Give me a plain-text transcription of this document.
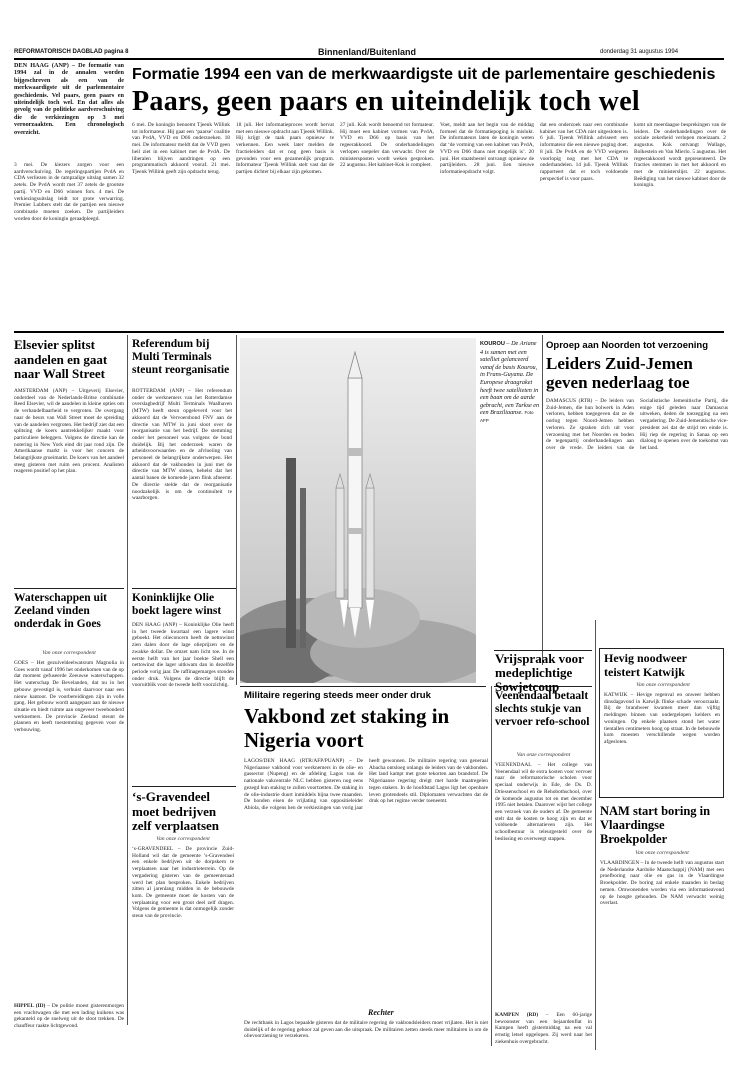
REFORMATORISCH DAGBLAD pagina 8	Binnenland/Buitenland	donderdag 31 augustus 1994
DEN HAAG (ANP) – De formatie van 1994 zal in de annalen worden bijgeschreven als een van de merkwaardigste uit de parlementaire geschiedenis. Vel paars, geen paars en uiteindelijk toch wel. En dat alles als gevolg van de politieke aardverschuiving die de verkiezingen op 3 mei veroorzaakten. Een chronologisch overzicht.
Formatie 1994 een van de merkwaardigste uit de parlementaire geschiedenis
Paars, geen paars en uiteindelijk toch wel
3 mei. De kiezers zorgen voor een aardverschuiving. De regeringspartijen PvdA en CDA verliezen in de rampzalige uitslag samen 32 zetels. De PvdA wordt met 37 zetels de grootste partij. VVD en D66 winnen fors. 4 mei. De verkiezingsuitslag leidt tot grote verwarring. Premier Lubbers stelt dat de partijen een nieuwe combinatie moeten zoeken. De partijleiders worden door de koningin geraadpleegd.
6 mei. De koningin benoemt Tjeenk Willink tot informateur. Hij gaat een ‘paarse’ coalitie van PvdA, VVD en D66 onderzoeken. 18 mei. De informateur meldt dat de VVD geen heil ziet in een kabinet met de PvdA. De liberalen blijven aandringen op een programmatisch akkoord vooraf. 21 mei. Tjeenk Willink geeft zijn opdracht terug.
18 juli. Het informatieproces wordt hervat met een nieuwe opdracht aan Tjeenk Willink. Hij krijgt de taak paars opnieuw te verkennen. Een week later melden de fractieleiders dat er nog geen basis is gevonden voor een gezamenlijk program. Informateur Tjeenk Willink stelt vast dat de partijen dichter bij elkaar zijn gekomen.
27 juli. Kok wordt benoemd tot formateur. Hij moet een kabinet vormen van PvdA, VVD en D66 op basis van het regeerakkoord. De onderhandelingen verlopen soepeler dan verwacht. Over de ministersposten wordt weken gesproken. 22 augustus. Het kabinet-Kok is compleet.
Voet, meldt aan het begin van de middag formeel dat de formatiepoging is mislukt. De informateurs laten de koningin weten dat ‘de vorming van een kabinet van PvdA, VVD en D66 thans niet mogelijk is’. 20 juni. Het staatsbestel ontvangt opnieuw de partijleiders. 28 juni. Een nieuwe informatieopdracht volgt.
dat een onderzoek naar een combinatie kabinet van het CDA niet uitgesloten is. 6 juli. Tjeenk Willink adviseert een informateur die een nieuwe poging doet. 8 juli. De PvdA en de VVD weigeren voorlopig nog met het CDA te onderhandelen. 14 juli. Tjeenk Willink rapporteert dat er toch voldoende perspectief is voor paars.
komt uit meerdaagse besprekingen van de leiders. De onderhandelingen over de sociale zekerheid verlopen moeizaam. 2 augustus. Kok ontvangt Wallage, Bolkestein en Van Mierlo. 5 augustus. Het regeerakkoord wordt gepresenteerd. De fracties stemmen in met het akkoord en met de ministerslijst. 22 augustus. Beëdiging van het nieuwe kabinet door de koningin.
Elsevier splitst aandelen en gaat naar Wall Street
AMSTERDAM (ANP) – Uitgeverij Elsevier, onderdeel van de Nederlands-Britse combinatie Reed Elsevier, wil de aandelen in kleine opties om de verhandelbaarheid te vergroten. De overgang naar de beurs van Wall Street moet de spreiding van de aandelen vergroten. Het bedrijf ziet dat een splitsing de koers aantrekkelijker maakt voor particuliere beleggers. Volgens de directie kan de notering in New York eind dit jaar rond zijn. De Amerikaanse markt is voor het concern de belangrijkste groeimarkt. De koers van het aandeel steeg gisteren met ruim een procent. Analisten reageren positief op het plan.
Referendum bij Multi Terminals steunt reorganisatie
ROTTERDAM (ANP) – Het referendum onder de werknemers van het Rotterdamse overslagbedrijf Multi Terminals Waalhaven (MTW) heeft steun opgeleverd voor het akkoord dat de Vervoersbond FNV aan de directie van MTW in juni sloot over de reorganisatie van het bedrijf. De stemming onder het personeel was volgens de bond duidelijk. Bij het onderzoek waren de arbeidsvoorwaarden en de afvloeiing van personeel de belangrijkste onderwerpen. Het akkoord dat de vakbonden in juni met de directie van MTW sloten, behelst dat het aantal banen de komende jaren flink afneemt. De directie stelde dat de reorganisatie noodzakelijk is om de continuïteit te waarborgen.
KOUROU – De Ariane 4 is samen met een satelliet gelanceerd vanaf de basis Kourou, in Frans-Guyana. De Europese draagraket heeft twee satellieten in een baan om de aarde gebracht, een Turkse en een Braziliaanse. Foto AFP
Oproep aan Noorden tot verzoening
Leiders Zuid-Jemen geven nederlaag toe
DAMASCUS (RTR) – De leiders van Zuid-Jemen, die hun bolwerk in Aden verloren, hebben toegegeven dat ze de oorlog tegen Noord-Jemen hebben verloren. Ze spraken zich uit voor verzoening met het Noorden en boden de tegenpartij onderhandelingen aan over de vrede. De leiders van de Socialistische Jemenitische Partij, die enige tijd geleden naar Damascus uitweken, deden de toezegging na een vergadering. De Zuid-Jemenitische vice-president zei dat de strijd ten einde is. Hij riep de regering in Sanaa op een dialoog te openen over de toekomst van het land.
Waterschappen uit Zeeland vinden onderdak in Goes
Van onze correspondent
GOES – Het gezuiveldeelwatsrum Magnolia in Goes wordt vanaf 1996 het onderkomen van de op dat moment gefuseerde Zeeuwse waterschappen. Het waterschap De Bevelanden, dat nu in het gebouw gevestigd is, verhuist daarvoor naar een nieuw kantoor. De voorbereidingen zijn in volle gang. Het gebouw wordt aangepast aan de nieuwe situatie en biedt ruimte aan ongeveer tweehonderd werknemers. De provincie Zeeland steunt de plannen en heeft toestemming gegeven voor de verbouwing.
HIPPEL (ID) – De politie moest gisterenmorgen een vrachtwagen die met een lading kuikens was gekanteld op de snelweg uit de sloot trekken. De chauffeur raakte lichtgewond.
Koninklijke Olie boekt lagere winst
DEN HAAG (ANP) – Koninklijke Olie heeft in het tweede kwartaal een lagere winst geboekt. Het olieconcern heeft de nettowinst zien dalen door de lage olieprijzen en de zwakke dollar. De omzet nam licht toe. In de eerste helft van het jaar boekte Shell een nettowinst die lager uitkwam dan in dezelfde periode vorig jaar. De raffinagemarges stonden onder druk. Volgens de directie blijft de vooruitblik voor de tweede helft voorzichtig.
‘s-Gravendeel moet bedrijven zelf verplaatsen
Van onze correspondent
‘s-GRAVENDEEL – De provincie Zuid-Holland wil dat de gemeente ’s-Gravendeel een enkele bedrijven uit de dorpskern te verplaatsen naar het industrieterrein. Op de vergadering gisteren van de gemeenteraad werd het plan besproken. Enkele bedrijven zitten al jarenlang midden in de bebouwde kom. De gemeente moet de kosten van de verplaatsing voor een groot deel zelf dragen. Volgens de gemeente is dat onmogelijk zonder steun van de provincie.
Militaire regering steeds meer onder druk
Vakbond zet staking in Nigeria voort
LAGOS/DEN HAAG (RTR/AFP/PUANP) – De Nigeriaanse vakbond voor werknemers in de olie- en gassector (Nupeng) en de afdeling Lagos van de nationale vakcentrale NLC hebben gisteren nog eens gezegd hun staking te zullen voortzetten. De staking in de olie-industrie duurt inmiddels bijna twee maanden. De bonden eisen de vrijlating van oppositieleider Abiola, die volgens hen de verkiezingen van vorig jaar heeft gewonnen. De militaire regering van generaal Abacha ontsloeg onlangs de leiders van de vakbonden. Het land kampt met grote tekorten aan brandstof. De Nigeriaanse regering dreigt met harde maatregelen tegen stakers. In de hoofdstad Lagos ligt het openbare leven grotendeels stil. Diplomaten verwachten dat de druk op het regime verder toeneemt.
Rechter
De rechtbank in Lagos bepaalde gisteren dat de militaire regering de vakbondsleiders moet vrijlaten. Het is niet duidelijk of de regering gehoor zal geven aan die uitspraak. De militairen zetten steeds meer militairen in om de olievoorziening te verzekeren.
Veenendaal betaalt slechts stukje van vervoer refo-school
Van onze correspondent
VEENENDAAL – Het college van Veenendaal wil de extra kosten voor vervoer naar de reformatorische scholen voor speciaal onderwijs in Ede, de Ds. D. Driessenschool en de Rehobothschool, over de komende augustus tot en met december 1995 niet betalen. Daarover wijst het college een verzoek van de ouders af. De gemeente stelt dat de kosten te hoog zijn en dat er voldoende alternatieven zijn. Het schoolbestuur is teleurgesteld over de beslissing en overweegt stappen.
KAMPEN (RD) – Een 60-jarige bewoonster van een bejaardenflat in Kampen heeft gistermiddag na een val ernstig letsel opgelopen. Zij werd naar het ziekenhuis overgebracht.
Vrijspraak voor medeplichtige Sowjetcoup
Hevig noodweer teistert Katwijk
Van onze correspondent
KATWIJK – Hevige regenval en onweer hebben dinsdagavond in Katwijk flinke schade veroorzaakt. Bij de brandweer kwamen meer dan vijftig meldingen binnen van ondergelopen kelders en woningen. Op enkele plaatsen stond het water tientallen centimeters hoog op straat. In de bebouwde kom moesten verschillende wegen worden afgesloten.
NAM start boring in Vlaardingse Broekpolder
Van onze correspondent
VLAARDINGEN – In de tweede helft van augustus start de Nederlandse Aardolie Maatschappij (NAM) met een proefboring naar olie en gas in de Vlaardingse Broekpolder. De boring zal enkele maanden in beslag nemen. Omwonenden worden via een informatieavond op de hoogte gehouden. De NAM verwacht weinig overlast.
